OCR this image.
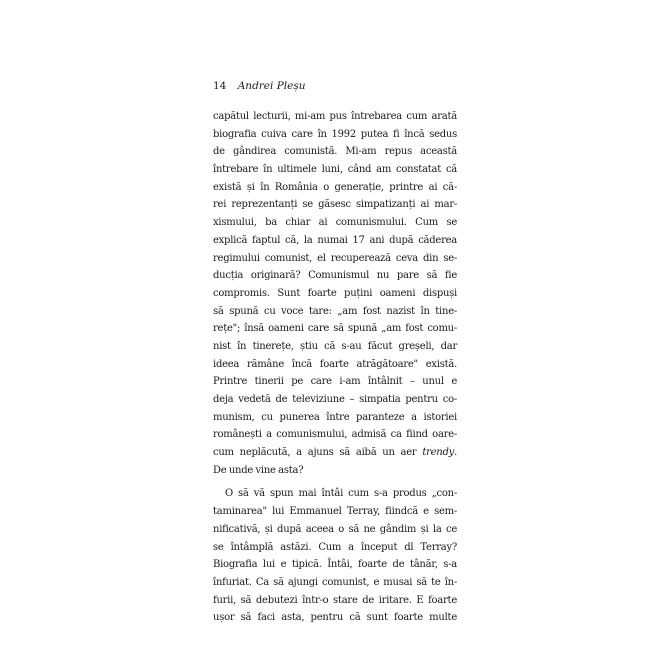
14 Andrei Pleșu
capătul lecturii, mi-am pus întrebarea cum arată
biografia cuiva care în 1992 putea fi încă sedus
de gândirea comunistă. Mi-am repus această
întrebare în ultimele luni, când am constatat că
există și în România o generație, printre ai că-
rei reprezentanți se găsesc simpatizanți ai mar-
xismului, ba chiar ai comunismului. Cum se
explică faptul că, la numai 17 ani după căderea
regimului comunist, el recuperează ceva din se-
ducția originară? Comunismul nu pare să fie
compromis. Sunt foarte puțini oameni dispuși
să spună cu voce tare: „am fost nazist în tine-
rețe"; însă oameni care să spună „am fost comu-
nist în tinerețe, știu că s-au făcut greșeli, dar
ideea rămâne încă foarte atrăgătoare" există.
Printre tinerii pe care i-am întâlnit – unul e
deja vedetă de televiziune – simpatia pentru co-
munism, cu punerea între paranteze a istoriei
românești a comunismului, admisă ca fiind oare-
cum neplăcută, a ajuns să aibă un aer trendy.
De unde vine asta?
O să vă spun mai întâi cum s-a produs „con-
taminarea" lui Emmanuel Terray, fiindcă e sem-
nificativă, și după aceea o să ne gândim și la ce
se întâmplă astăzi. Cum a început dl Terray?
Biografia lui e tipică. Întâi, foarte de tânăr, s-a
înfuriat. Ca să ajungi comunist, e musai să te în-
furii, să debutezi într-o stare de iritare. E foarte
ușor să faci asta, pentru că sunt foarte multe
